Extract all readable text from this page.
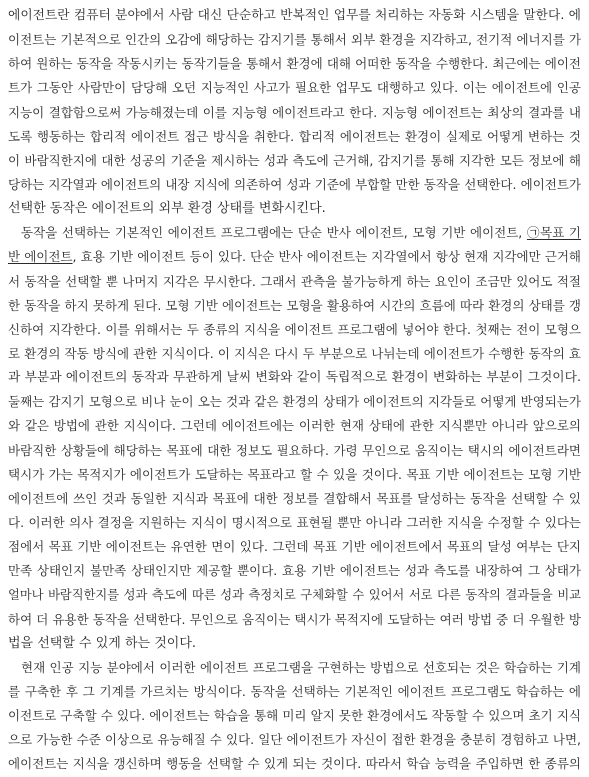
에이전트란 컴퓨터 분야에서 사람 대신 단순하고 반복적인 업무를 처리하는 자동화 시스템을 말한다. 에
이전트는 기본적으로 인간의 오감에 해당하는 감지기를 통해서 외부 환경을 지각하고, 전기적 에너지를 가
하여 원하는 동작을 작동시키는 동작기들을 통해서 환경에 대해 어떠한 동작을 수행한다. 최근에는 에이전
트가 그동안 사람만이 담당해 오던 지능적인 사고가 필요한 업무도 대행하고 있다. 이는 에이전트에 인공
지능이 결합함으로써 가능해졌는데 이를 지능형 에이전트라고 한다. 지능형 에이전트는 최상의 결과를 내
도록 행동하는 합리적 에이전트 접근 방식을 취한다. 합리적 에이전트는 환경이 실제로 어떻게 변하는 것
이 바람직한지에 대한 성공의 기준을 제시하는 성과 측도에 근거해, 감지기를 통해 지각한 모든 정보에 해
당하는 지각열과 에이전트의 내장 지식에 의존하여 성과 기준에 부합할 만한 동작을 선택한다. 에이전트가
선택한 동작은 에이전트의 외부 환경 상태를 변화시킨다.
동작을 선택하는 기본적인 에이전트 프로그램에는 단순 반사 에이전트, 모형 기반 에이전트, ㉠목표 기
반 에이전트, 효용 기반 에이전트 등이 있다. 단순 반사 에이전트는 지각열에서 항상 현재 지각에만 근거해
서 동작을 선택할 뿐 나머지 지각은 무시한다. 그래서 관측을 불가능하게 하는 요인이 조금만 있어도 적절
한 동작을 하지 못하게 된다. 모형 기반 에이전트는 모형을 활용하여 시간의 흐름에 따라 환경의 상태를 갱
신하여 지각한다. 이를 위해서는 두 종류의 지식을 에이전트 프로그램에 넣어야 한다. 첫째는 전이 모형으
로 환경의 작동 방식에 관한 지식이다. 이 지식은 다시 두 부분으로 나뉘는데 에이전트가 수행한 동작의 효
과 부분과 에이전트의 동작과 무관하게 날씨 변화와 같이 독립적으로 환경이 변화하는 부분이 그것이다.
둘째는 감지기 모형으로 비나 눈이 오는 것과 같은 환경의 상태가 에이전트의 지각들로 어떻게 반영되는가
와 같은 방법에 관한 지식이다. 그런데 에이전트에는 이러한 현재 상태에 관한 지식뿐만 아니라 앞으로의
바람직한 상황들에 해당하는 목표에 대한 정보도 필요하다. 가령 무인으로 움직이는 택시의 에이전트라면
택시가 가는 목적지가 에이전트가 도달하는 목표라고 할 수 있을 것이다. 목표 기반 에이전트는 모형 기반
에이전트에 쓰인 것과 동일한 지식과 목표에 대한 정보를 결합해서 목표를 달성하는 동작을 선택할 수 있
다. 이러한 의사 결정을 지원하는 지식이 명시적으로 표현될 뿐만 아니라 그러한 지식을 수정할 수 있다는
점에서 목표 기반 에이전트는 유연한 면이 있다. 그런데 목표 기반 에이전트에서 목표의 달성 여부는 단지
만족 상태인지 불만족 상태인지만 제공할 뿐이다. 효용 기반 에이전트는 성과 측도를 내장하여 그 상태가
얼마나 바람직한지를 성과 측도에 따른 성과 측정치로 구체화할 수 있어서 서로 다른 동작의 결과들을 비교
하여 더 유용한 동작을 선택한다. 무인으로 움직이는 택시가 목적지에 도달하는 여러 방법 중 더 우월한 방
법을 선택할 수 있게 하는 것이다.
현재 인공 지능 분야에서 이러한 에이전트 프로그램을 구현하는 방법으로 선호되는 것은 학습하는 기계
를 구축한 후 그 기계를 가르치는 방식이다. 동작을 선택하는 기본적인 에이전트 프로그램도 학습하는 에
이전트로 구축할 수 있다. 에이전트는 학습을 통해 미리 알지 못한 환경에서도 작동할 수 있으며 초기 지식
으로 가능한 수준 이상으로 유능해질 수 있다. 일단 에이전트가 자신이 접한 환경을 충분히 경험하고 나면,
에이전트는 지식을 갱신하며 행동을 선택할 수 있게 되는 것이다. 따라서 학습 능력을 주입하면 한 종류의
